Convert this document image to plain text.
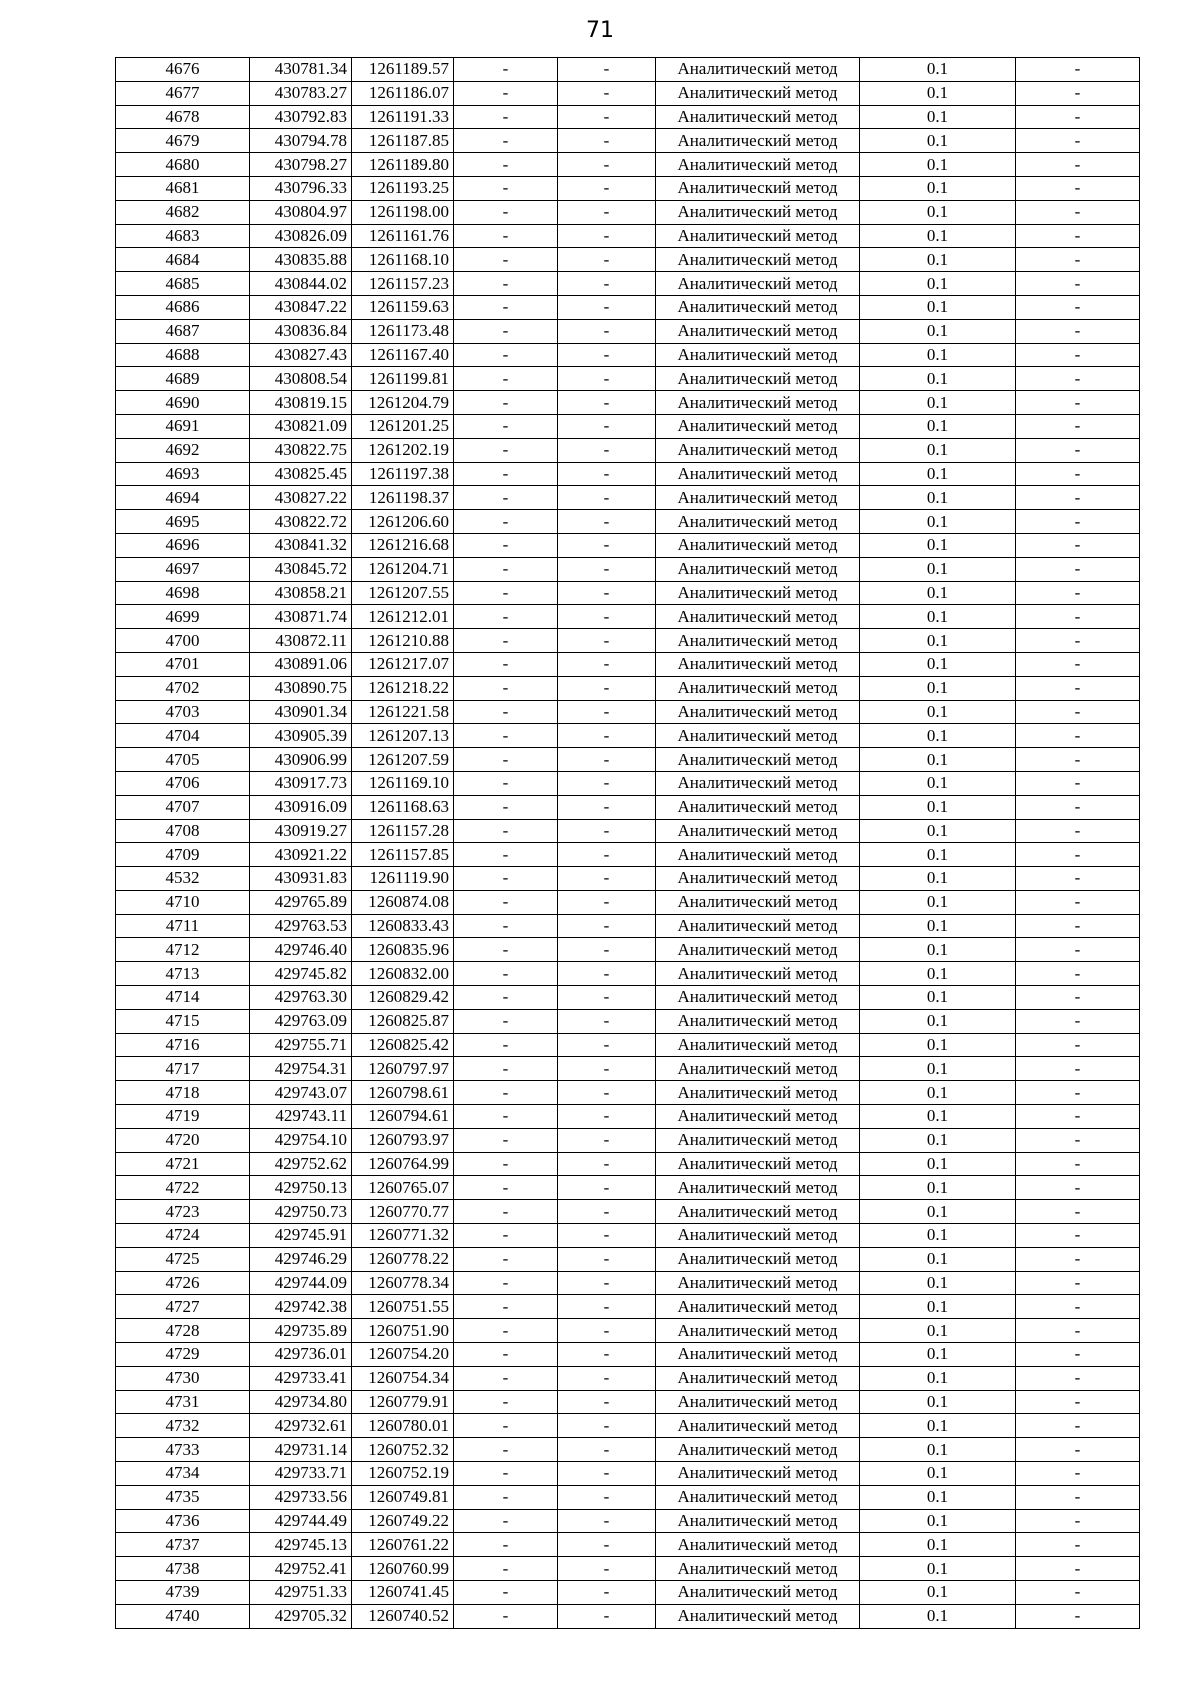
71
4676	430781.34	1261189.57	-	-	Аналитический метод	0.1	-
4677	430783.27	1261186.07	-	-	Аналитический метод	0.1	-
4678	430792.83	1261191.33	-	-	Аналитический метод	0.1	-
4679	430794.78	1261187.85	-	-	Аналитический метод	0.1	-
4680	430798.27	1261189.80	-	-	Аналитический метод	0.1	-
4681	430796.33	1261193.25	-	-	Аналитический метод	0.1	-
4682	430804.97	1261198.00	-	-	Аналитический метод	0.1	-
4683	430826.09	1261161.76	-	-	Аналитический метод	0.1	-
4684	430835.88	1261168.10	-	-	Аналитический метод	0.1	-
4685	430844.02	1261157.23	-	-	Аналитический метод	0.1	-
4686	430847.22	1261159.63	-	-	Аналитический метод	0.1	-
4687	430836.84	1261173.48	-	-	Аналитический метод	0.1	-
4688	430827.43	1261167.40	-	-	Аналитический метод	0.1	-
4689	430808.54	1261199.81	-	-	Аналитический метод	0.1	-
4690	430819.15	1261204.79	-	-	Аналитический метод	0.1	-
4691	430821.09	1261201.25	-	-	Аналитический метод	0.1	-
4692	430822.75	1261202.19	-	-	Аналитический метод	0.1	-
4693	430825.45	1261197.38	-	-	Аналитический метод	0.1	-
4694	430827.22	1261198.37	-	-	Аналитический метод	0.1	-
4695	430822.72	1261206.60	-	-	Аналитический метод	0.1	-
4696	430841.32	1261216.68	-	-	Аналитический метод	0.1	-
4697	430845.72	1261204.71	-	-	Аналитический метод	0.1	-
4698	430858.21	1261207.55	-	-	Аналитический метод	0.1	-
4699	430871.74	1261212.01	-	-	Аналитический метод	0.1	-
4700	430872.11	1261210.88	-	-	Аналитический метод	0.1	-
4701	430891.06	1261217.07	-	-	Аналитический метод	0.1	-
4702	430890.75	1261218.22	-	-	Аналитический метод	0.1	-
4703	430901.34	1261221.58	-	-	Аналитический метод	0.1	-
4704	430905.39	1261207.13	-	-	Аналитический метод	0.1	-
4705	430906.99	1261207.59	-	-	Аналитический метод	0.1	-
4706	430917.73	1261169.10	-	-	Аналитический метод	0.1	-
4707	430916.09	1261168.63	-	-	Аналитический метод	0.1	-
4708	430919.27	1261157.28	-	-	Аналитический метод	0.1	-
4709	430921.22	1261157.85	-	-	Аналитический метод	0.1	-
4532	430931.83	1261119.90	-	-	Аналитический метод	0.1	-
4710	429765.89	1260874.08	-	-	Аналитический метод	0.1	-
4711	429763.53	1260833.43	-	-	Аналитический метод	0.1	-
4712	429746.40	1260835.96	-	-	Аналитический метод	0.1	-
4713	429745.82	1260832.00	-	-	Аналитический метод	0.1	-
4714	429763.30	1260829.42	-	-	Аналитический метод	0.1	-
4715	429763.09	1260825.87	-	-	Аналитический метод	0.1	-
4716	429755.71	1260825.42	-	-	Аналитический метод	0.1	-
4717	429754.31	1260797.97	-	-	Аналитический метод	0.1	-
4718	429743.07	1260798.61	-	-	Аналитический метод	0.1	-
4719	429743.11	1260794.61	-	-	Аналитический метод	0.1	-
4720	429754.10	1260793.97	-	-	Аналитический метод	0.1	-
4721	429752.62	1260764.99	-	-	Аналитический метод	0.1	-
4722	429750.13	1260765.07	-	-	Аналитический метод	0.1	-
4723	429750.73	1260770.77	-	-	Аналитический метод	0.1	-
4724	429745.91	1260771.32	-	-	Аналитический метод	0.1	-
4725	429746.29	1260778.22	-	-	Аналитический метод	0.1	-
4726	429744.09	1260778.34	-	-	Аналитический метод	0.1	-
4727	429742.38	1260751.55	-	-	Аналитический метод	0.1	-
4728	429735.89	1260751.90	-	-	Аналитический метод	0.1	-
4729	429736.01	1260754.20	-	-	Аналитический метод	0.1	-
4730	429733.41	1260754.34	-	-	Аналитический метод	0.1	-
4731	429734.80	1260779.91	-	-	Аналитический метод	0.1	-
4732	429732.61	1260780.01	-	-	Аналитический метод	0.1	-
4733	429731.14	1260752.32	-	-	Аналитический метод	0.1	-
4734	429733.71	1260752.19	-	-	Аналитический метод	0.1	-
4735	429733.56	1260749.81	-	-	Аналитический метод	0.1	-
4736	429744.49	1260749.22	-	-	Аналитический метод	0.1	-
4737	429745.13	1260761.22	-	-	Аналитический метод	0.1	-
4738	429752.41	1260760.99	-	-	Аналитический метод	0.1	-
4739	429751.33	1260741.45	-	-	Аналитический метод	0.1	-
4740	429705.32	1260740.52	-	-	Аналитический метод	0.1	-
